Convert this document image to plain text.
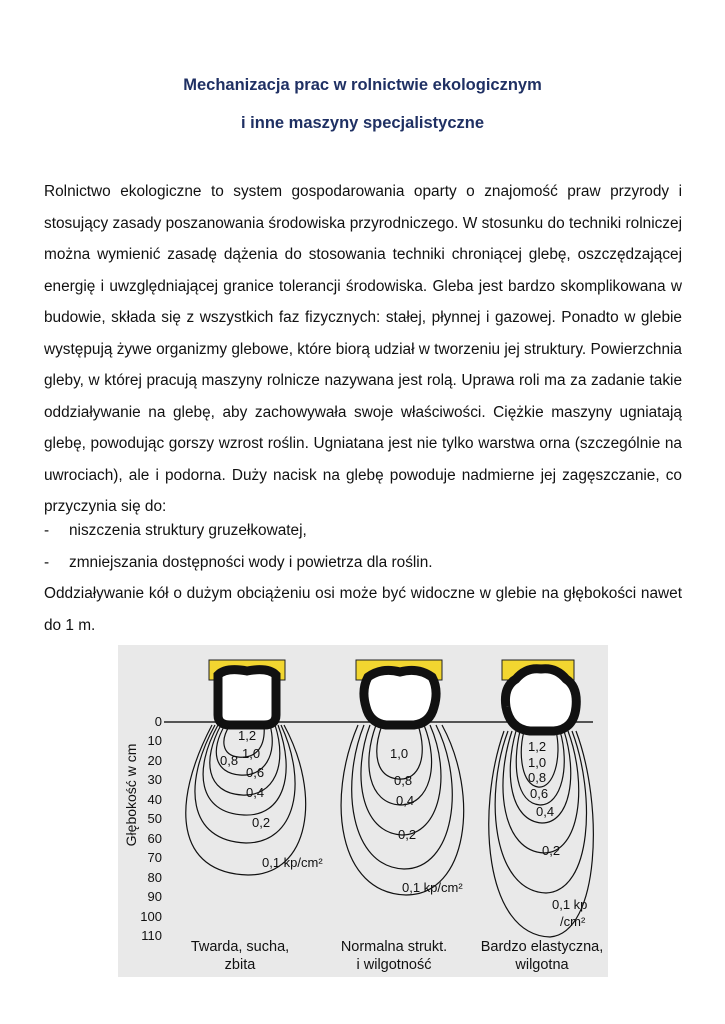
Mechanizacja prac w rolnictwie ekologicznym
i inne maszyny specjalistyczne

Rolnictwo ekologiczne to system gospodarowania oparty o znajomość praw przyrody i stosujący zasady poszanowania środowiska przyrodniczego. W stosunku do techniki rolniczej można wymienić zasadę dążenia do stosowania techniki chroniącej glebę, oszczędzającej energię i uwzględniającej granice tolerancji środowiska. Gleba jest bardzo skomplikowana w budowie, składa się z wszystkich faz fizycznych: stałej, płynnej i gazowej. Ponadto w glebie występują żywe organizmy glebowe, które biorą udział w tworzeniu jej struktury. Powierzchnia gleby, w której pracują maszyny rolnicze nazywana jest rolą. Uprawa roli ma za zadanie takie oddziaływanie na glebę, aby zachowywała swoje właściwości. Ciężkie maszyny ugniatają glebę, powodując gorszy wzrost roślin. Ugniatana jest nie tylko warstwa orna (szczególnie na uwrociach), ale i podorna. Duży nacisk na glebę powoduje nadmierne jej zagęszczanie, co przyczynia się do:

- niszczenia struktury gruzełkowatej,
- zmniejszania dostępności wody i powietrza dla roślin.

Oddziaływanie kół o dużym obciążeniu osi może być widoczne w glebie na głębokości nawet do 1 m.

Głębokość w cm
0
10
20
30
40
50
60
70
80
90
100
110
1,2
1,0
0,8
0,6
0,4
0,2
0,1 kp/cm²
Twarda, sucha,
zbita
1,0
0,8
0,4
0,2
0,1 kp/cm²
Normalna strukt.
i wilgotność
1,2
1,0
0,8
0,6
0,4
0,2
0,1 kp
/cm²
Bardzo elastyczna,
wilgotna
